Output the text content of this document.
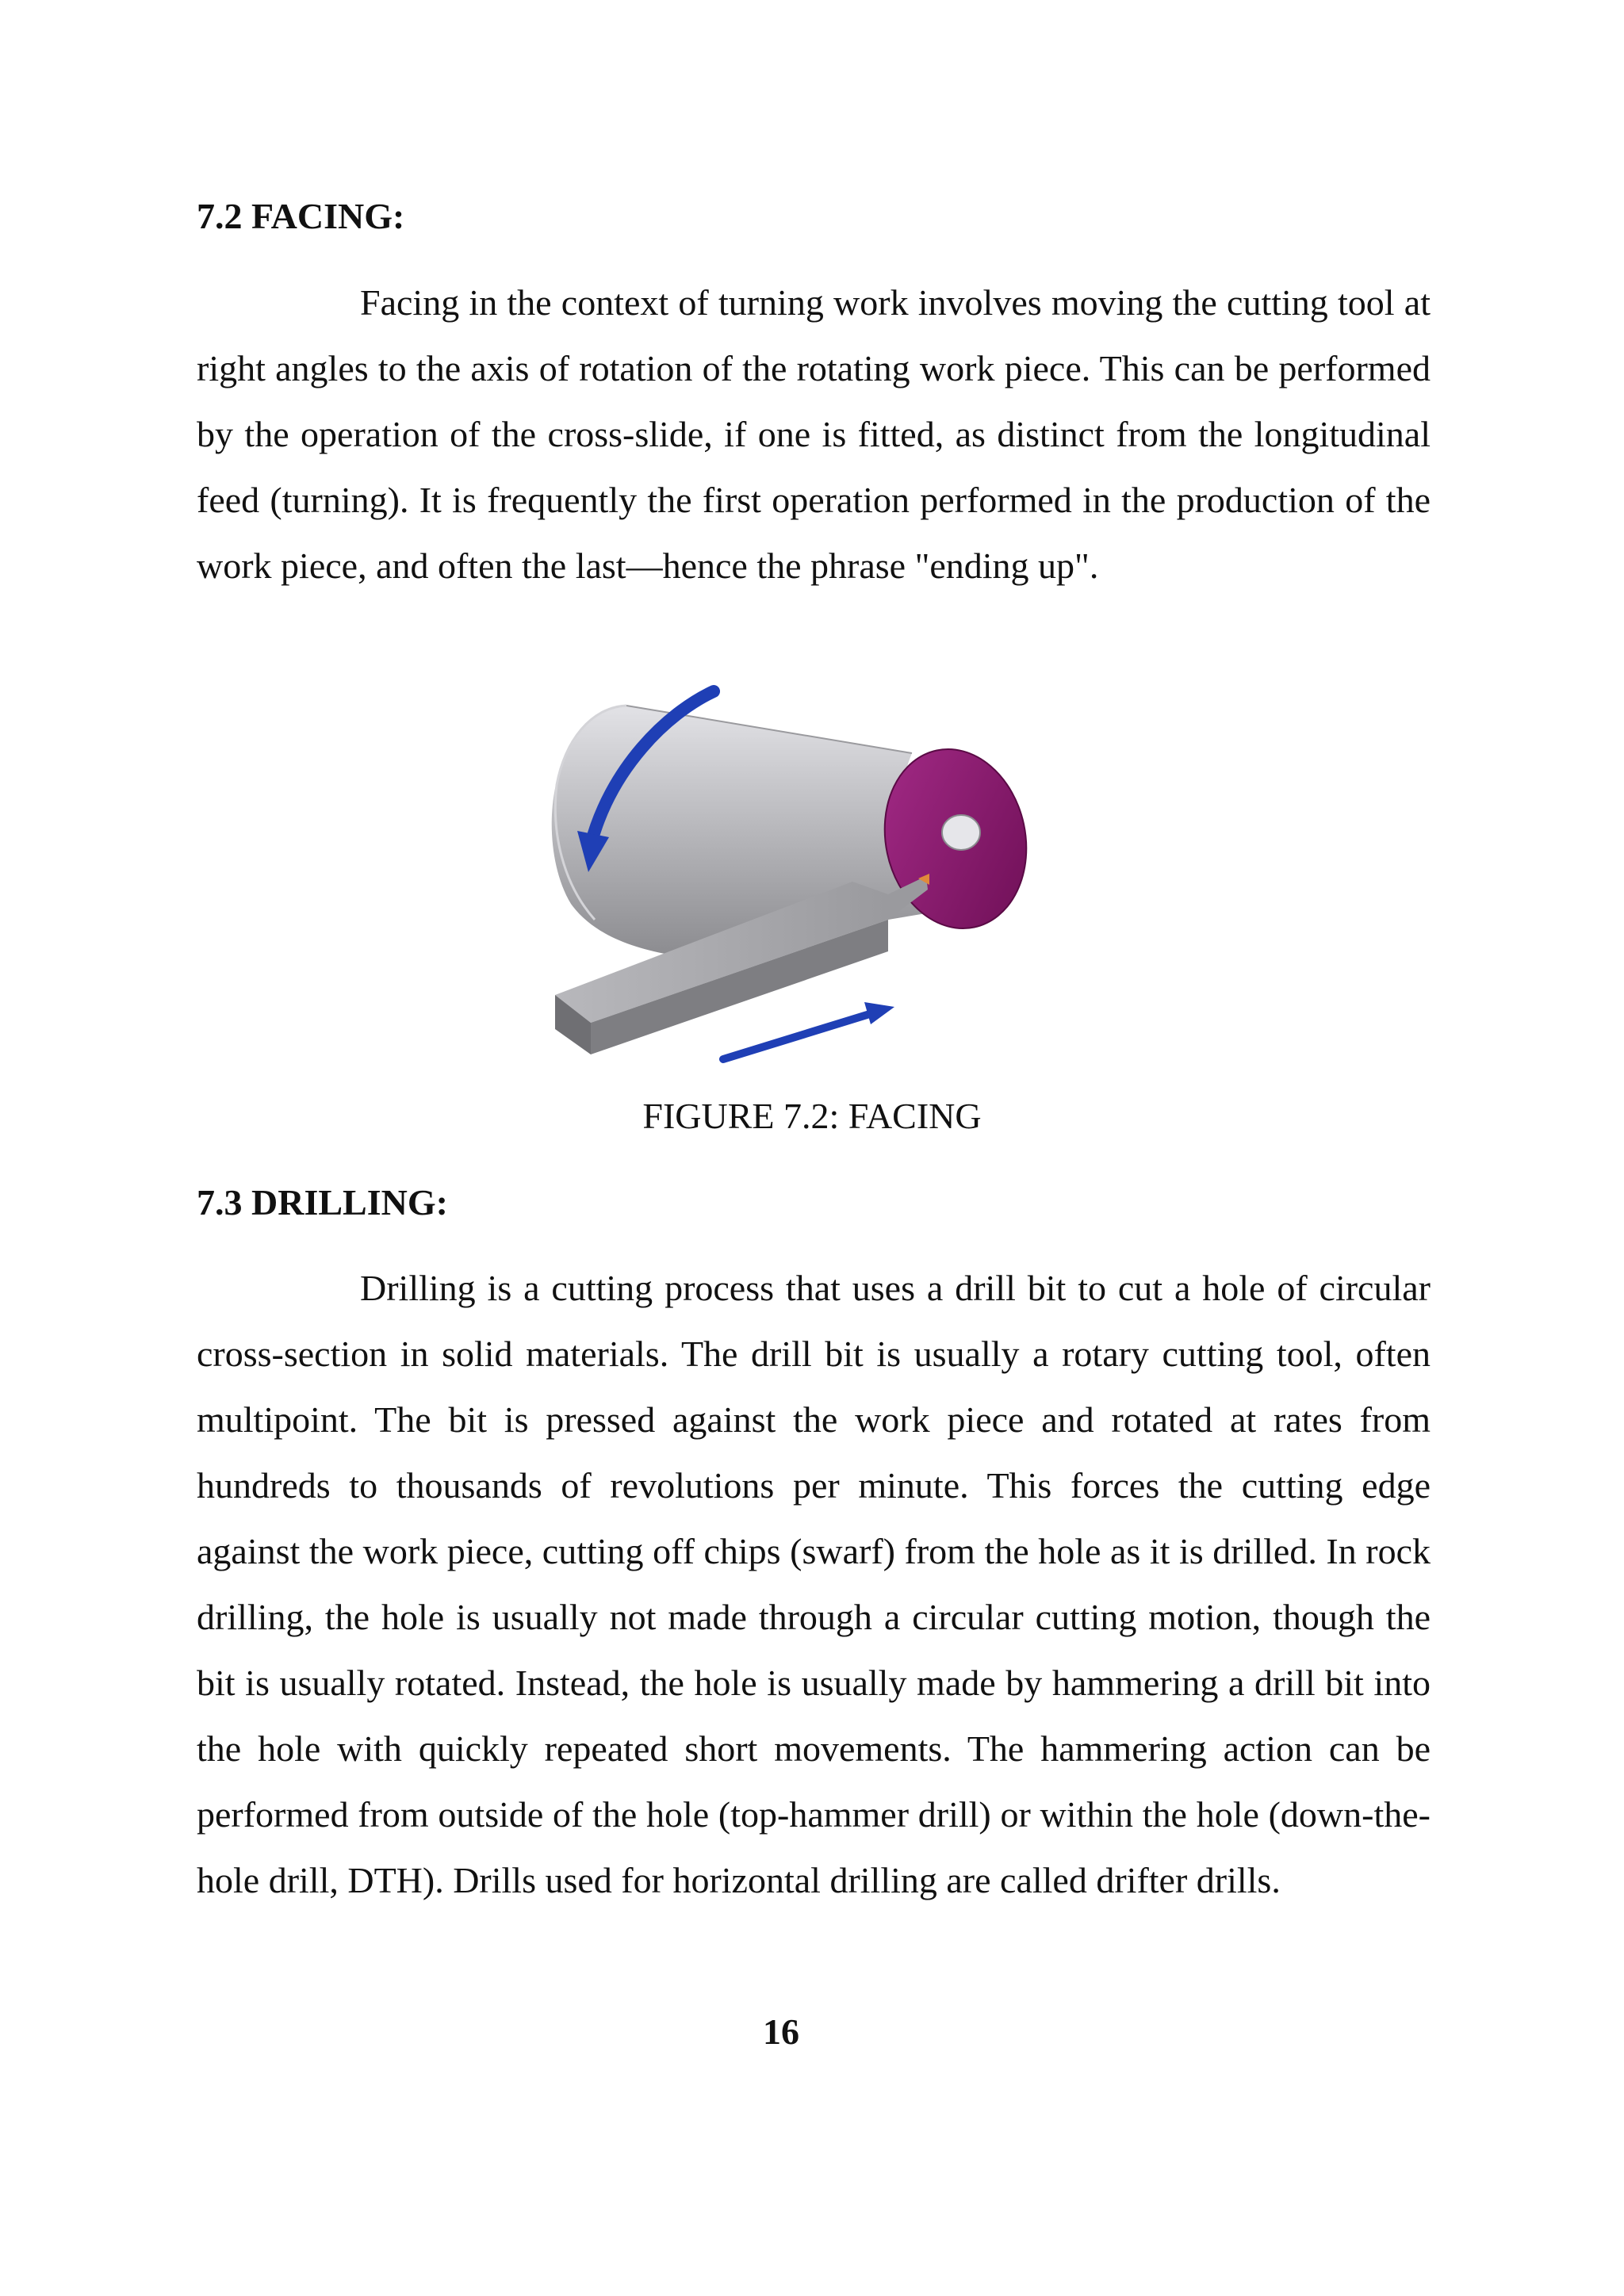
7.2 FACING:

Facing in the context of turning work involves moving the cutting tool at right angles to the axis of rotation of the rotating work piece. This can be performed by the operation of the cross-slide, if one is fitted, as distinct from the longitudinal feed (turning). It is frequently the first operation performed in the production of the work piece, and often the last—hence the phrase "ending up".

FIGURE 7.2: FACING

7.3 DRILLING:

Drilling is a cutting process that uses a drill bit to cut a hole of circular cross-section in solid materials. The drill bit is usually a rotary cutting tool, often multipoint. The bit is pressed against the work piece and rotated at rates from hundreds to thousands of revolutions per minute. This forces the cutting edge against the work piece, cutting off chips (swarf) from the hole as it is drilled. In rock drilling, the hole is usually not made through a circular cutting motion, though the bit is usually rotated. Instead, the hole is usually made by hammering a drill bit into the hole with quickly repeated short movements. The hammering action can be performed from outside of the hole (top-hammer drill) or within the hole (down-the-hole drill, DTH). Drills used for horizontal drilling are called drifter drills.

16
